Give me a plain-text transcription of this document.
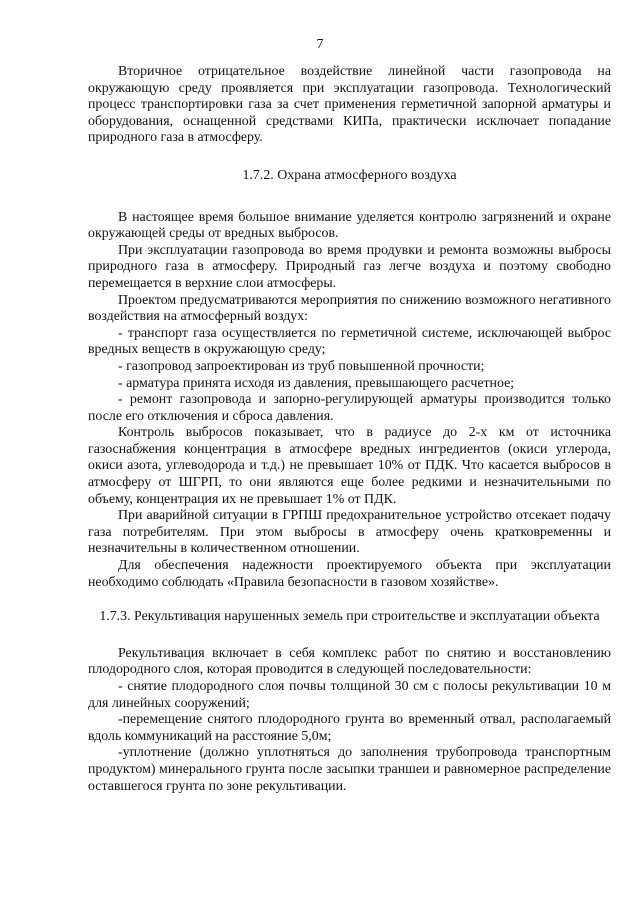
7

Вторичное отрицательное воздействие линейной части газопровода на окружающую среду проявляется при эксплуатации газопровода. Технологический процесс транспортировки газа за счет применения герметичной запорной арматуры и оборудования, оснащенной средствами КИПа, практически исключает попадание природного газа в атмосферу.

1.7.2. Охрана атмосферного воздуха

В настоящее время большое внимание уделяется контролю загрязнений и охране окружающей среды от вредных выбросов.

При эксплуатации газопровода во время продувки и ремонта возможны выбросы природного газа в атмосферу. Природный газ легче воздуха и поэтому свободно перемещается в верхние слои атмосферы.

Проектом предусматриваются мероприятия по снижению возможного негативного воздействия на атмосферный воздух:

- транспорт газа осуществляется по герметичной системе, исключающей выброс вредных веществ в окружающую среду;

- газопровод запроектирован из труб повышенной прочности;

- арматура принята исходя из давления, превышающего расчетное;

- ремонт газопровода и запорно-регулирующей арматуры производится только после его отключения и сброса давления.

Контроль выбросов показывает, что в радиусе до 2-х км от источника газоснабжения концентрация в атмосфере вредных ингредиентов (окиси углерода, окиси азота, углеводорода и т.д.) не превышает 10% от ПДК. Что касается выбросов в атмосферу от ШГРП, то они являются еще более редкими и незначительными по объему, концентрация их не превышает 1% от ПДК.

При аварийной ситуации в ГРПШ предохранительное устройство отсекает подачу газа потребителям. При этом выбросы в атмосферу очень кратковременны и незначительны в количественном отношении.

Для обеспечения надежности проектируемого объекта при эксплуатации необходимо соблюдать «Правила безопасности в газовом хозяйстве».

1.7.3. Рекультивация нарушенных земель при строительстве и эксплуатации объекта

Рекультивация включает в себя комплекс работ по снятию и восстановлению плодородного слоя, которая проводится в следующей последовательности:

- снятие плодородного слоя почвы толщиной 30 см с полосы рекультивации 10 м для линейных сооружений;

-перемещение снятого плодородного грунта во временный отвал, располагаемый вдоль коммуникаций на расстояние 5,0м;

-уплотнение (должно уплотняться до заполнения трубопровода транспортным продуктом) минерального грунта после засыпки траншеи и равномерное распределение оставшегося грунта по зоне рекультивации.
